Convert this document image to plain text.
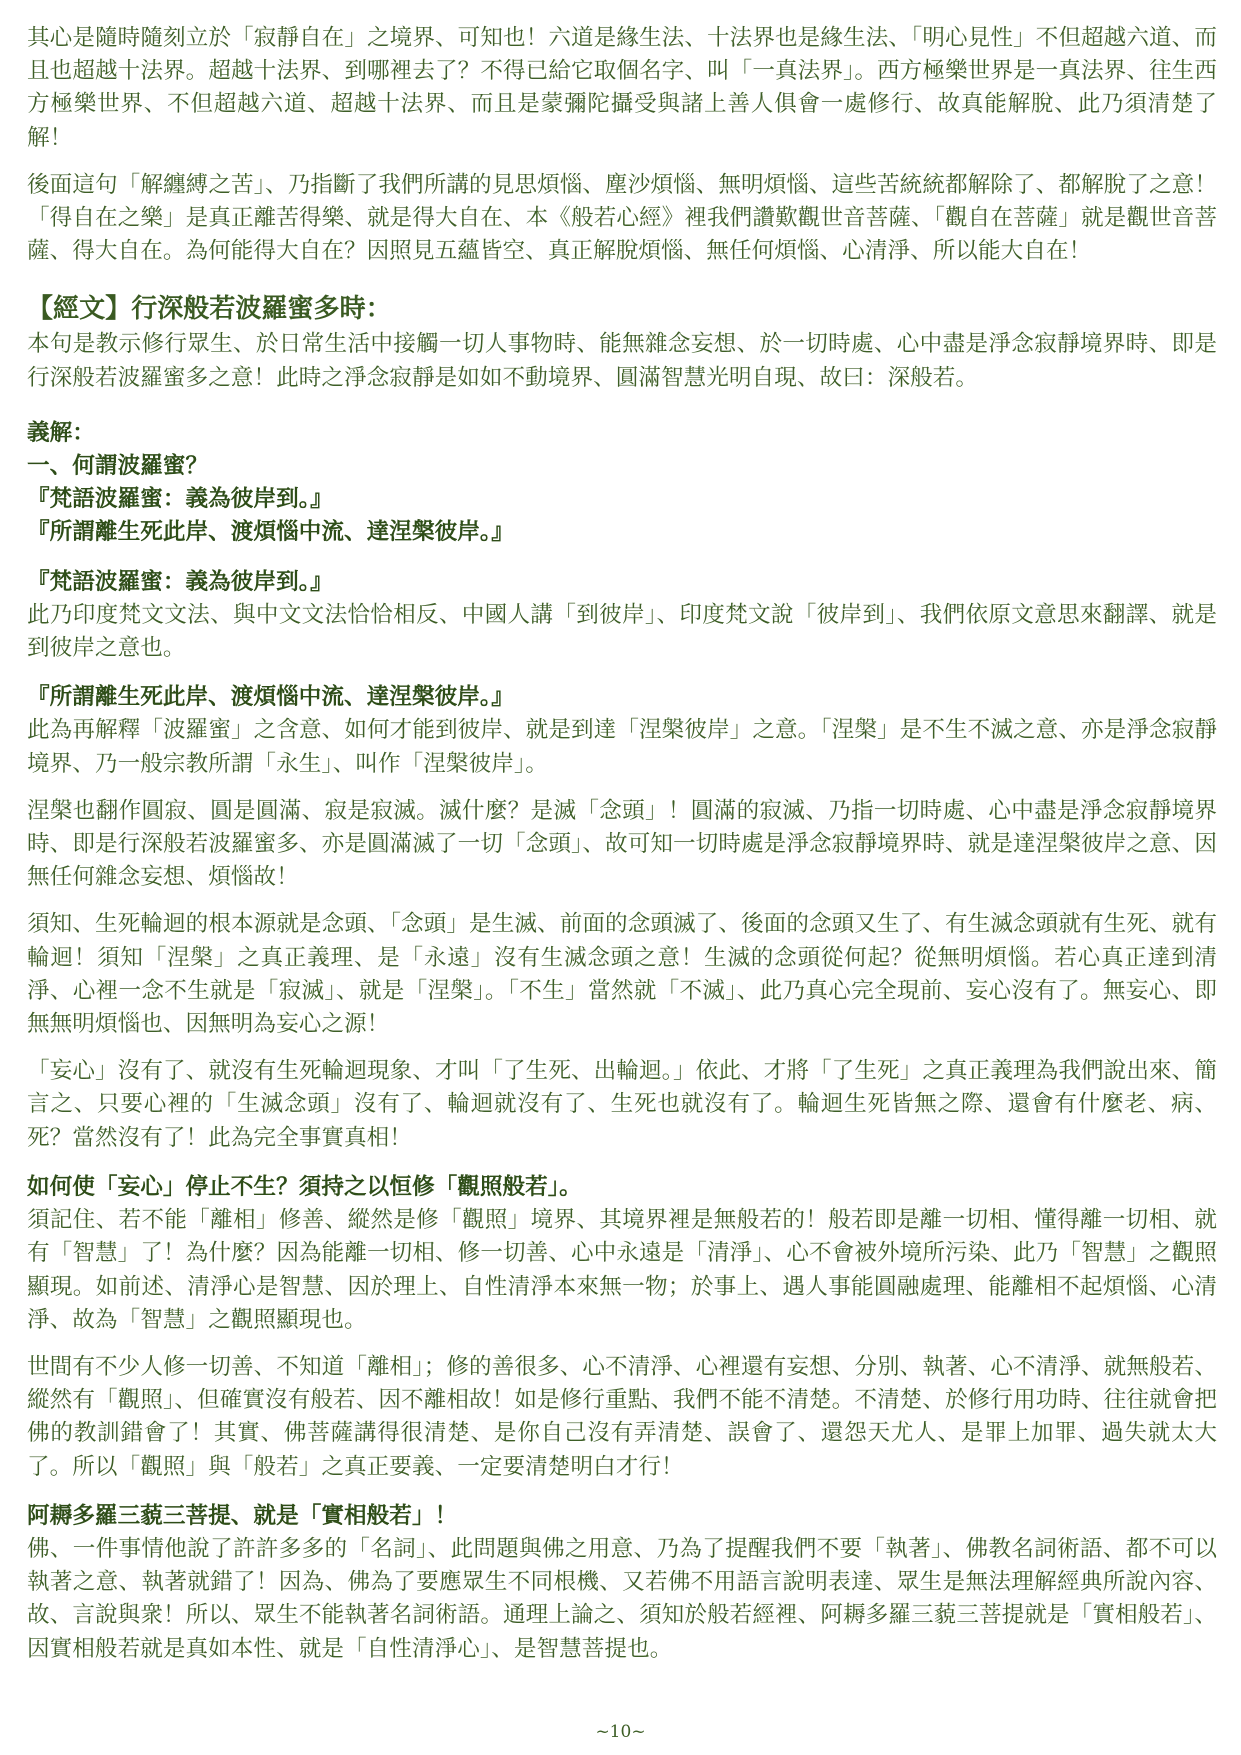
其心是隨時隨刻立於「寂靜自在」之境界、可知也！六道是緣生法、十法界也是緣生法、「明心見性」不但超越六道、而且也超越十法界。超越十法界、到哪裡去了？不得已給它取個名字、叫「一真法界」。西方極樂世界是一真法界、往生西方極樂世界、不但超越六道、超越十法界、而且是蒙彌陀攝受與諸上善人俱會一處修行、故真能解脫、此乃須清楚了解！

後面這句「解纏縛之苦」、乃指斷了我們所講的見思煩惱、塵沙煩惱、無明煩惱、這些苦統統都解除了、都解脫了之意！「得自在之樂」是真正離苦得樂、就是得大自在、本《般若心經》裡我們讚歎觀世音菩薩、「觀自在菩薩」就是觀世音菩薩、得大自在。為何能得大自在？因照見五蘊皆空、真正解脫煩惱、無任何煩惱、心清淨、所以能大自在！

【經文】行深般若波羅蜜多時：

本句是教示修行眾生、於日常生活中接觸一切人事物時、能無雜念妄想、於一切時處、心中盡是淨念寂靜境界時、即是行深般若波羅蜜多之意！此時之淨念寂靜是如如不動境界、圓滿智慧光明自現、故曰：深般若。

義解：

一、何謂波羅蜜？

『梵語波羅蜜：義為彼岸到。』

『所謂離生死此岸、渡煩惱中流、達涅槃彼岸。』

『梵語波羅蜜：義為彼岸到。』

此乃印度梵文文法、與中文文法恰恰相反、中國人講「到彼岸」、印度梵文說「彼岸到」、我們依原文意思來翻譯、就是到彼岸之意也。

『所謂離生死此岸、渡煩惱中流、達涅槃彼岸。』

此為再解釋「波羅蜜」之含意、如何才能到彼岸、就是到達「涅槃彼岸」之意。「涅槃」是不生不滅之意、亦是淨念寂靜境界、乃一般宗教所謂「永生」、叫作「涅槃彼岸」。

涅槃也翻作圓寂、圓是圓滿、寂是寂滅。滅什麼？是滅「念頭」！圓滿的寂滅、乃指一切時處、心中盡是淨念寂靜境界時、即是行深般若波羅蜜多、亦是圓滿滅了一切「念頭」、故可知一切時處是淨念寂靜境界時、就是達涅槃彼岸之意、因無任何雜念妄想、煩惱故！

須知、生死輪迴的根本源就是念頭、「念頭」是生滅、前面的念頭滅了、後面的念頭又生了、有生滅念頭就有生死、就有輪迴！須知「涅槃」之真正義理、是「永遠」沒有生滅念頭之意！生滅的念頭從何起？從無明煩惱。若心真正達到清淨、心裡一念不生就是「寂滅」、就是「涅槃」。「不生」當然就「不滅」、此乃真心完全現前、妄心沒有了。無妄心、即無無明煩惱也、因無明為妄心之源！

「妄心」沒有了、就沒有生死輪迴現象、才叫「了生死、出輪迴。」依此、才將「了生死」之真正義理為我們說出來、簡言之、只要心裡的「生滅念頭」沒有了、輪迴就沒有了、生死也就沒有了。輪迴生死皆無之際、還會有什麼老、病、死？當然沒有了！此為完全事實真相！

如何使「妄心」停止不生？須持之以恒修「觀照般若」。

須記住、若不能「離相」修善、縱然是修「觀照」境界、其境界裡是無般若的！般若即是離一切相、懂得離一切相、就有「智慧」了！為什麼？因為能離一切相、修一切善、心中永遠是「清淨」、心不會被外境所污染、此乃「智慧」之觀照顯現。如前述、清淨心是智慧、因於理上、自性清淨本來無一物；於事上、遇人事能圓融處理、能離相不起煩惱、心清淨、故為「智慧」之觀照顯現也。

世間有不少人修一切善、不知道「離相」；修的善很多、心不清淨、心裡還有妄想、分別、執著、心不清淨、就無般若、縱然有「觀照」、但確實沒有般若、因不離相故！如是修行重點、我們不能不清楚。不清楚、於修行用功時、往往就會把佛的教訓錯會了！其實、佛菩薩講得很清楚、是你自己沒有弄清楚、誤會了、還怨天尤人、是罪上加罪、過失就太大了。所以「觀照」與「般若」之真正要義、一定要清楚明白才行！

阿耨多羅三藐三菩提、就是「實相般若」！

佛、一件事情他說了許許多多的「名詞」、此問題與佛之用意、乃為了提醒我們不要「執著」、佛教名詞術語、都不可以執著之意、執著就錯了！因為、佛為了要應眾生不同根機、又若佛不用語言說明表達、眾生是無法理解經典所說內容、故、言說與衆！所以、眾生不能執著名詞術語。通理上論之、須知於般若經裡、阿耨多羅三藐三菩提就是「實相般若」、因實相般若就是真如本性、就是「自性清淨心」、是智慧菩提也。

~10~
